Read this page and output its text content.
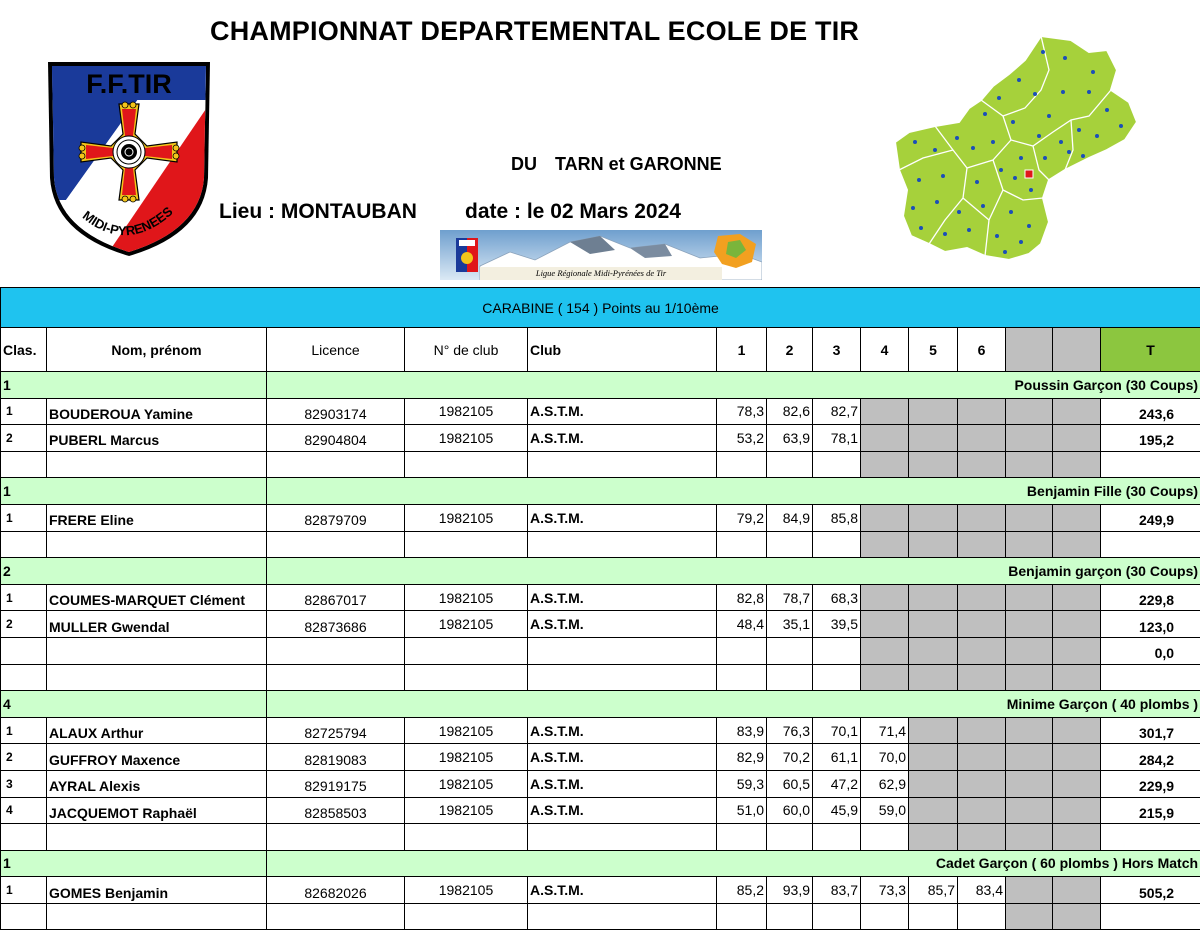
CHAMPIONNAT DEPARTEMENTAL ECOLE DE TIR
F.F.TIR
MIDI-PYRENEES
DU TARN et GARONNE
Lieu : MONTAUBAN date : le 02 Mars 2024
Ligue Régionale Midi-Pyrénées de Tir
CARABINE ( 154 ) Points au 1/10ème													
Clas.	Nom, prénom	Licence	N° de club	Club	1	2	3	4	5	6			T
1		Poussin Garçon (30 Coups)											
1	BOUDEROUA Yamine	82903174	1982105	A.S.T.M.	78,3	82,6	82,7						243,6
2	PUBERL Marcus	82904804	1982105	A.S.T.M.	53,2	63,9	78,1						195,2

1		Benjamin Fille (30 Coups)											
1	FRERE Eline	82879709	1982105	A.S.T.M.	79,2	84,9	85,8						249,9

2		Benjamin garçon (30 Coups)											
1	COUMES-MARQUET Clément	82867017	1982105	A.S.T.M.	82,8	78,7	68,3						229,8
2	MULLER Gwendal	82873686	1982105	A.S.T.M.	48,4	35,1	39,5						123,0
													0,0

4		Minime Garçon ( 40 plombs )											
1	ALAUX Arthur	82725794	1982105	A.S.T.M.	83,9	76,3	70,1	71,4					301,7
2	GUFFROY Maxence	82819083	1982105	A.S.T.M.	82,9	70,2	61,1	70,0					284,2
3	AYRAL Alexis	82919175	1982105	A.S.T.M.	59,3	60,5	47,2	62,9					229,9
4	JACQUEMOT Raphaël	82858503	1982105	A.S.T.M.	51,0	60,0	45,9	59,0					215,9

1		Cadet Garçon ( 60 plombs ) Hors Match											
1	GOMES Benjamin	82682026	1982105	A.S.T.M.	85,2	93,9	83,7	73,3	85,7	83,4			505,2
